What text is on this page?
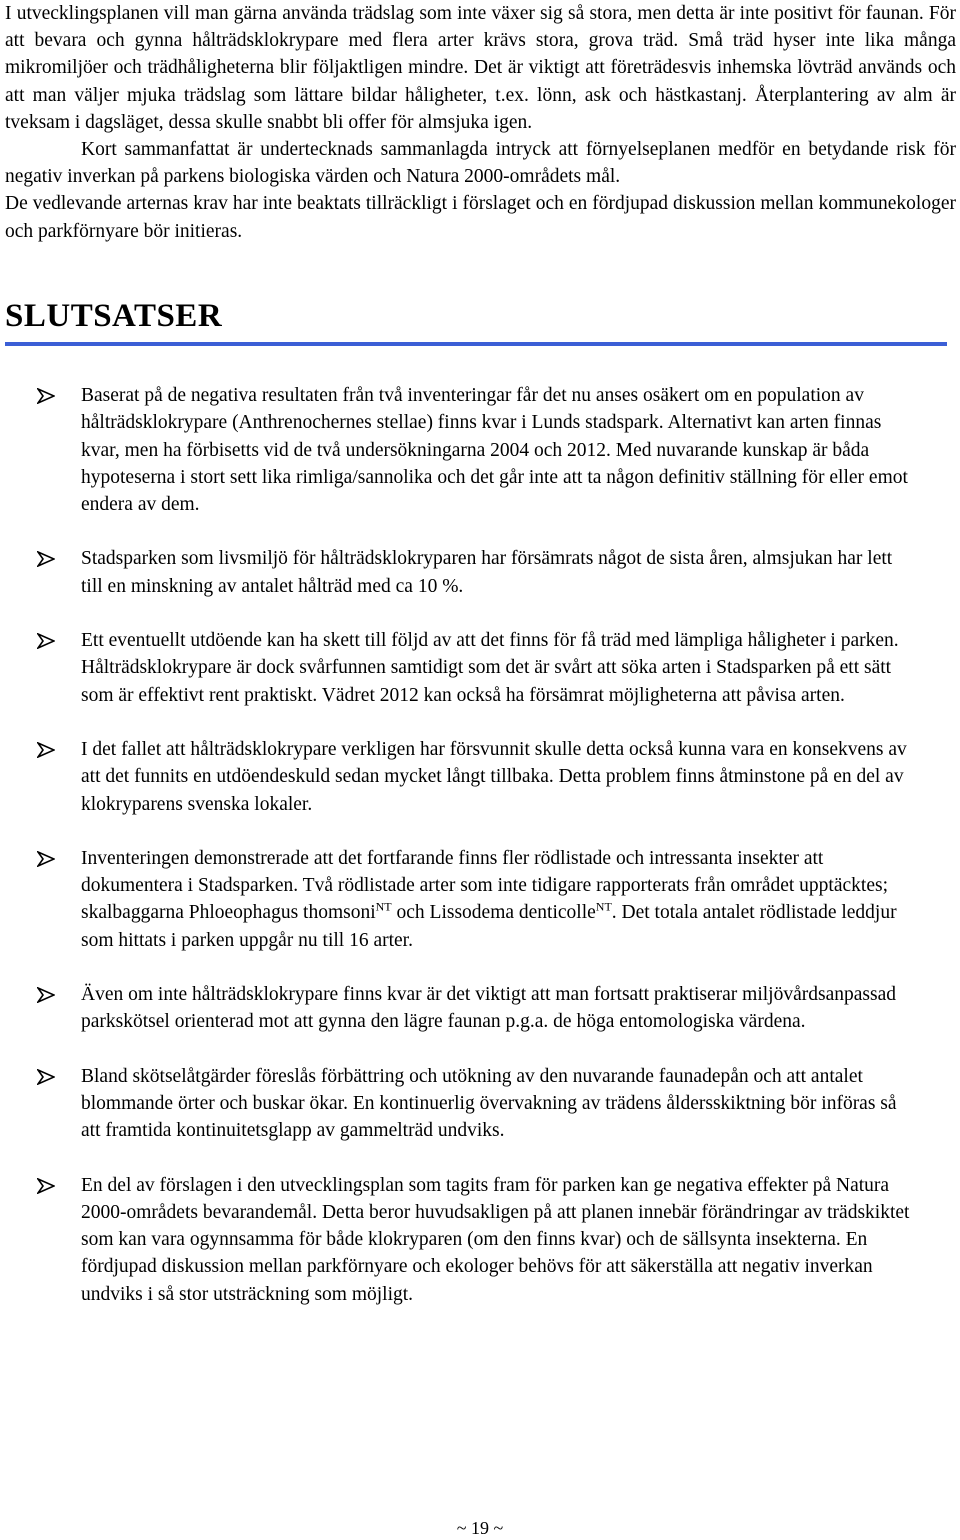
I utvecklingsplanen vill man gärna använda trädslag som inte växer sig så stora, men detta är inte positivt för faunan. För att bevara och gynna hålträdsklokrypare med flera arter krävs stora, grova träd. Små träd hyser inte lika många mikromiljöer och trädhåligheterna blir följaktligen mindre. Det är viktigt att företrädesvis inhemska lövträd används och att man väljer mjuka trädslag som lättare bildar håligheter, t.ex. lönn, ask och hästkastanj. Återplantering av alm är tveksam i dagsläget, dessa skulle snabbt bli offer för almsjuka igen.

Kort sammanfattat är undertecknads sammanlagda intryck att förnyelseplanen medför en betydande risk för negativ inverkan på parkens biologiska värden och Natura 2000-områdets mål.

De vedlevande arternas krav har inte beaktats tillräckligt i förslaget och en fördjupad diskussion mellan kommunekologer och parkförnyare bör initieras.

SLUTSATSER

Baserat på de negativa resultaten från två inventeringar får det nu anses osäkert om en population av hålträdsklokrypare (Anthrenochernes stellae) finns kvar i Lunds stadspark. Alternativt kan arten finnas kvar, men ha förbisetts vid de två undersökningarna 2004 och 2012. Med nuvarande kunskap är båda hypoteserna i stort sett lika rimliga/sannolika och det går inte att ta någon definitiv ställning för eller emot endera av dem.

Stadsparken som livsmiljö för hålträdsklokryparen har försämrats något de sista åren, almsjukan har lett till en minskning av antalet hålträd med ca 10 %.

Ett eventuellt utdöende kan ha skett till följd av att det finns för få träd med lämpliga håligheter i parken. Hålträdsklokrypare är dock svårfunnen samtidigt som det är svårt att söka arten i Stadsparken på ett sätt som är effektivt rent praktiskt. Vädret 2012 kan också ha försämrat möjligheterna att påvisa arten.

I det fallet att hålträdsklokrypare verkligen har försvunnit skulle detta också kunna vara en konsekvens av att det funnits en utdöendeskuld sedan mycket långt tillbaka. Detta problem finns åtminstone på en del av klokryparens svenska lokaler.

Inventeringen demonstrerade att det fortfarande finns fler rödlistade och intressanta insekter att dokumentera i Stadsparken. Två rödlistade arter som inte tidigare rapporterats från området upptäcktes; skalbaggarna Phloeophagus thomsoni$^{NT}$ och Lissodema denticolle$^{NT}$. Det totala antalet rödlistade leddjur som hittats i parken uppgår nu till 16 arter.

Även om inte hålträdsklokrypare finns kvar är det viktigt att man fortsatt praktiserar miljövårdsanpassad parkskötsel orienterad mot att gynna den lägre faunan p.g.a. de höga entomologiska värdena.

Bland skötselåtgärder föreslås förbättring och utökning av den nuvarande faunadepån och att antalet blommande örter och buskar ökar. En kontinuerlig övervakning av trädens åldersskiktning bör införas så att framtida kontinuitetsglapp av gammelträd undviks.

En del av förslagen i den utvecklingsplan som tagits fram för parken kan ge negativa effekter på Natura 2000-områdets bevarandemål. Detta beror huvudsakligen på att planen innebär förändringar av trädskiktet som kan vara ogynnsamma för både klokryparen (om den finns kvar) och de sällsynta insekterna. En fördjupad diskussion mellan parkförnyare och ekologer behövs för att säkerställa att negativ inverkan undviks i så stor utsträckning som möjligt.

~ 19 ~
